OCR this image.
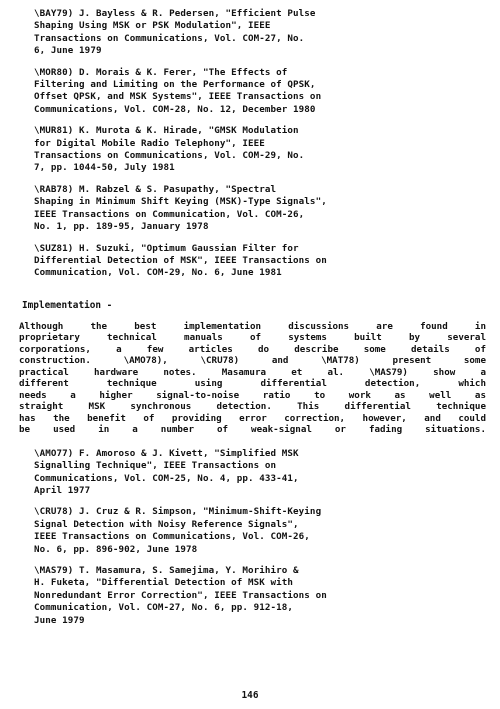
\BAY79) J. Bayless & R. Pedersen, "Efficient Pulse
Shaping Using MSK or PSK Modulation", IEEE
Transactions on Communications, Vol. COM-27, No.
6, June 1979
\MOR80) D. Morais & K. Ferer, "The Effects of
Filtering and Limiting on the Performance of QPSK,
Offset QPSK, and MSK Systems", IEEE Transactions on
Communications, Vol. COM-28, No. 12, December 1980
\MUR81) K. Murota & K. Hirade, "GMSK Modulation
for Digital Mobile Radio Telephony", IEEE
Transactions on Communications, Vol. COM-29, No.
7, pp. 1044-50, July 1981
\RAB78) M. Rabzel & S. Pasupathy, "Spectral
Shaping in Minimum Shift Keying (MSK)-Type Signals",
IEEE Transactions on Communication, Vol. COM-26,
No. 1, pp. 189-95, January 1978
\SUZ81) H. Suzuki, "Optimum Gaussian Filter for
Differential Detection of MSK", IEEE Transactions on
Communication, Vol. COM-29, No. 6, June 1981
Implementation -
Although the best implementation discussions are found in
proprietary technical manuals of systems built by several
corporations, a few articles do describe some details of
construction. \AMO78), \CRU78) and \MAT78) present some
practical hardware notes. Masamura et al. \MAS79) show a
different technique using differential detection, which
needs a higher signal-to-noise ratio to work as well as
straight MSK synchronous detection. This differential technique
has the benefit of providing error correction, however, and could
be used in a number of weak-signal or fading situations.
\AMO77) F. Amoroso & J. Kivett, "Simplified MSK
Signalling Technique", IEEE Transactions on
Communications, Vol. COM-25, No. 4, pp. 433-41,
April 1977
\CRU78) J. Cruz & R. Simpson, "Minimum-Shift-Keying
Signal Detection with Noisy Reference Signals",
IEEE Transactions on Communications, Vol. COM-26,
No. 6, pp. 896-902, June 1978
\MAS79) T. Masamura, S. Samejima, Y. Morihiro &
H. Fuketa, "Differential Detection of MSK with
Nonredundant Error Correction", IEEE Transactions on
Communication, Vol. COM-27, No. 6, pp. 912-18,
June 1979
146
